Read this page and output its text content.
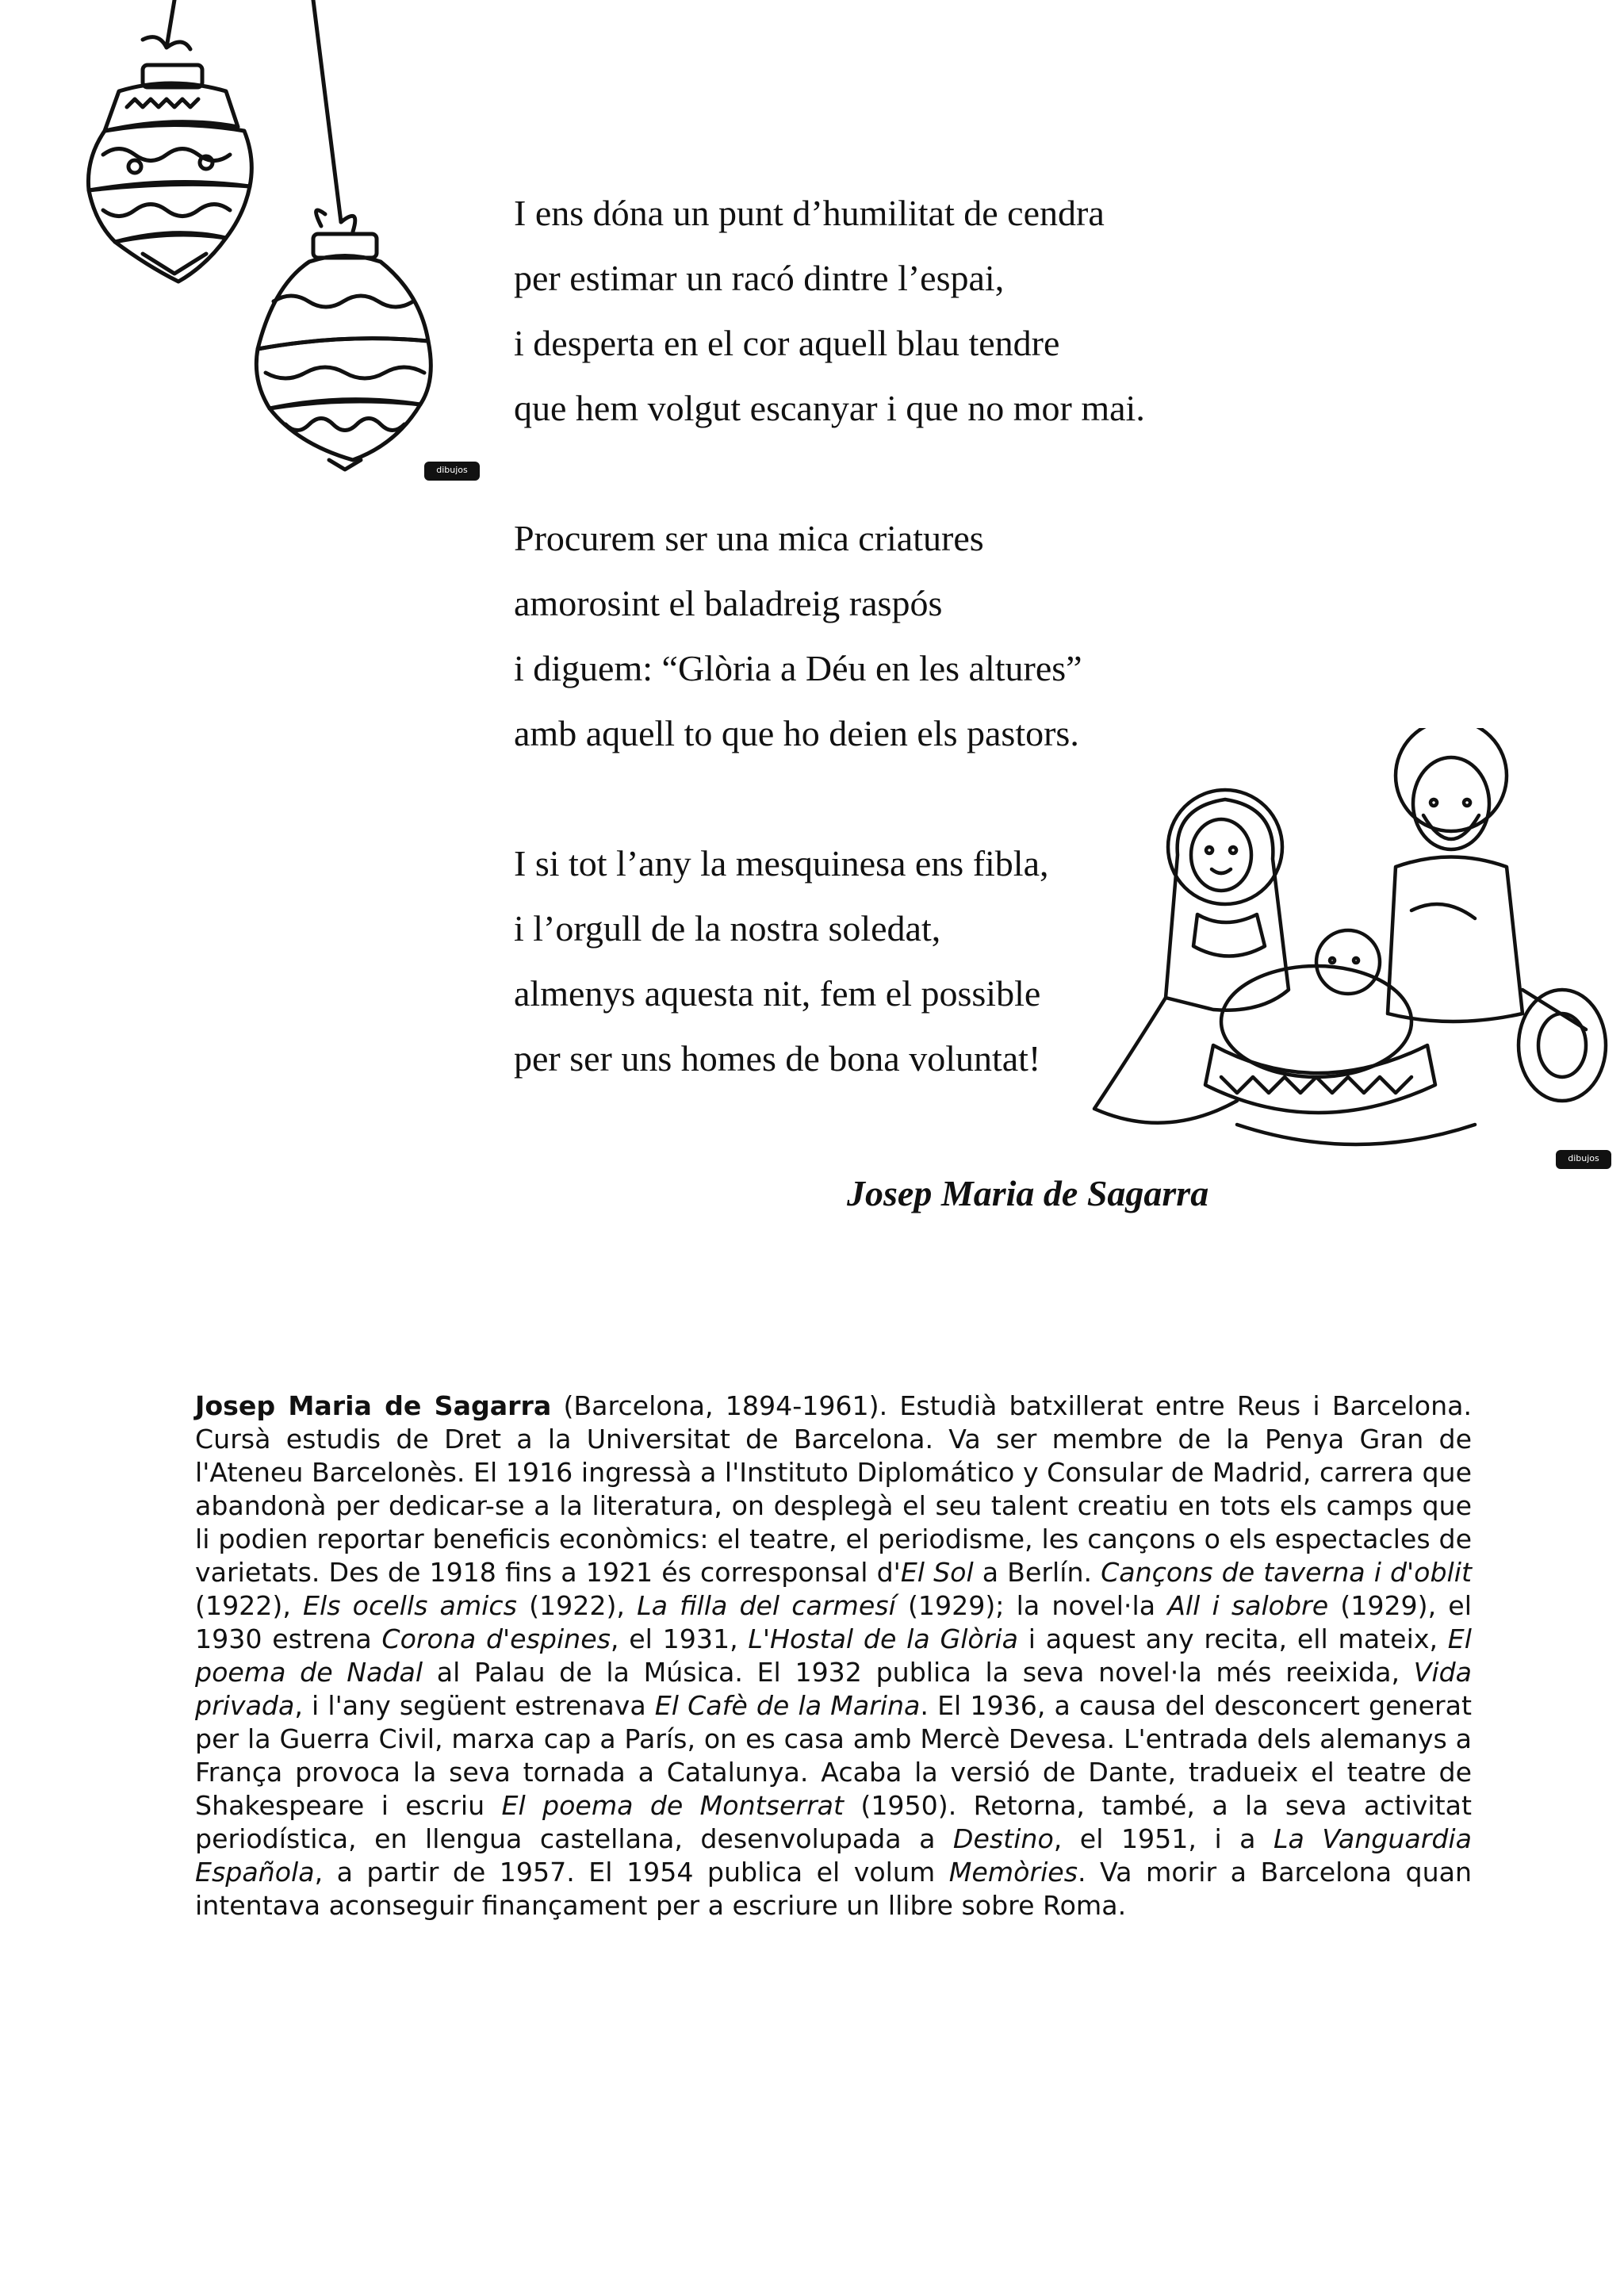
dibujos
I ens dóna un punt d’humilitat de cendra
per estimar un racó dintre l’espai,
i desperta en el cor aquell blau tendre
que hem volgut escanyar i que no mor mai.
Procurem ser una mica criatures
amorosint el baladreig raspós
i diguem: “Glòria a Déu en les altures”
amb aquell to que ho deien els pastors.
I si tot l’any la mesquinesa ens fibla,
i l’orgull de la nostra soledat,
almenys aquesta nit, fem el possible
per ser uns homes de bona voluntat!
dibujos
Josep Maria de Sagarra
Josep Maria de Sagarra (Barcelona, 1894-1961). Estudià batxillerat entre Reus i Barcelona. Cursà estudis de Dret a la Universitat de Barcelona. Va ser membre de la Penya Gran de l'Ateneu Barcelonès. El 1916 ingressà a l'Instituto Diplomático y Consular de Madrid, carrera que abandonà per dedicar-se a la literatura, on desplegà el seu talent creatiu en tots els camps que li podien reportar beneficis econòmics: el teatre, el periodisme, les cançons o els espectacles de varietats. Des de 1918 fins a 1921 és corresponsal d'El Sol a Berlín. Cançons de taverna i d'oblit (1922), Els ocells amics (1922), La filla del carmesí (1929); la novel·la All i salobre (1929), el 1930 estrena Corona d'espines, el 1931, L'Hostal de la Glòria i aquest any recita, ell mateix, El poema de Nadal al Palau de la Música. El 1932 publica la seva novel·la més reeixida, Vida privada, i l'any següent estrenava El Cafè de la Marina. El 1936, a causa del desconcert generat per la Guerra Civil, marxa cap a París, on es casa amb Mercè Devesa. L'entrada dels alemanys a França provoca la seva tornada a Catalunya. Acaba la versió de Dante, tradueix el teatre de Shakespeare i escriu El poema de Montserrat (1950). Retorna, també, a la seva activitat periodística, en llengua castellana, desenvolupada a Destino, el 1951, i a La Vanguardia Española, a partir de 1957. El 1954 publica el volum Memòries. Va morir a Barcelona quan intentava aconseguir finançament per a escriure un llibre sobre Roma.
